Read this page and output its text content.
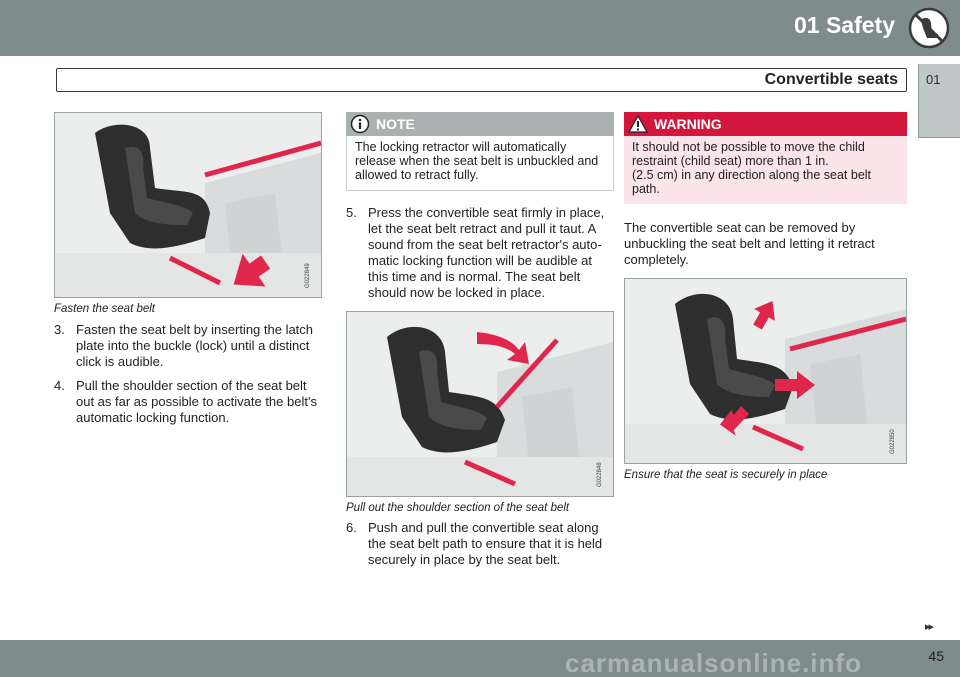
01 Safety
01
Convertible seats
G022849
Fasten the seat belt
3. Fasten the seat belt by inserting the latch plate into the buckle (lock) until a distinct click is audible.
4. Pull the shoulder section of the seat belt out as far as possible to activate the belt's automatic locking function.
NOTE
The locking retractor will automatically release when the seat belt is unbuckled and allowed to retract fully.
5. Press the convertible seat firmly in place, let the seat belt retract and pull it taut. A sound from the seat belt retractor's auto-matic locking function will be audible at this time and is normal. The seat belt should now be locked in place.
G022848
Pull out the shoulder section of the seat belt
6. Push and pull the convertible seat along the seat belt path to ensure that it is held securely in place by the seat belt.
WARNING
It should not be possible to move the child restraint (child seat) more than 1 in.
(2.5 cm) in any direction along the seat belt path.
The convertible seat can be removed by unbuckling the seat belt and letting it retract completely.
G022850
Ensure that the seat is securely in place
▸▸
carmanualsonline.info	45
